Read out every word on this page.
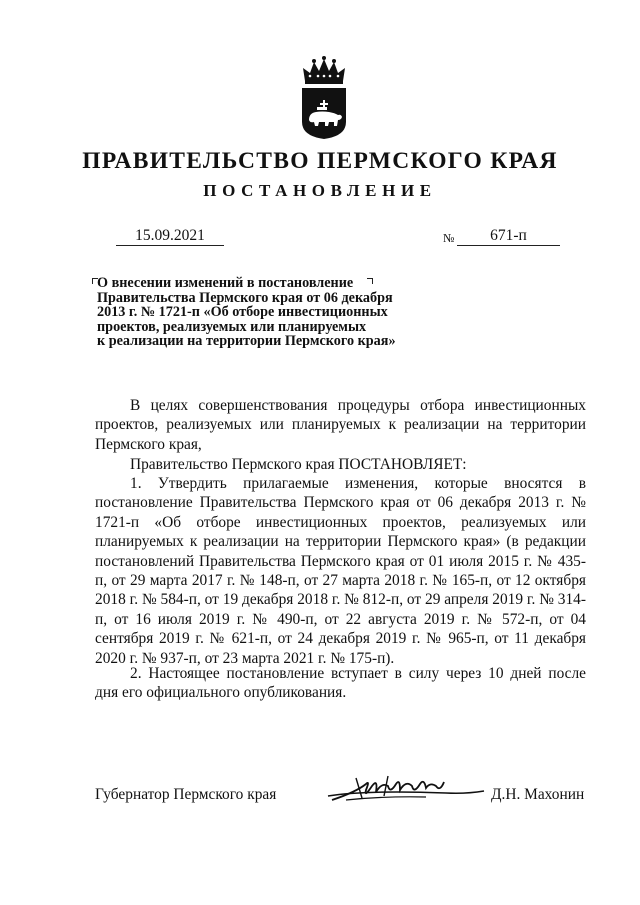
ПРАВИТЕЛЬСТВО ПЕРМСКОГО КРАЯ
ПОСТАНОВЛЕНИЕ
15.09.2021	№	671-п
О внесении изменений в постановление
Правительства Пермского края от 06 декабря
2013 г. № 1721-п «Об отборе инвестиционных
проектов, реализуемых или планируемых
к реализации на территории Пермского края»

В целях совершенствования процедуры отбора инвестиционных проектов, реализуемых или планируемых к реализации на территории Пермского края,

Правительство Пермского края ПОСТАНОВЛЯЕТ:

1. Утвердить прилагаемые изменения, которые вносятся в постановление Правительства Пермского края от 06 декабря 2013 г. № 1721-п «Об отборе инвестиционных проектов, реализуемых или планируемых к реализации на территории Пермского края» (в редакции постановлений Правительства Пермского края от 01 июля 2015 г. № 435-п, от 29 марта 2017 г. № 148-п, от 27 марта 2018 г. № 165-п, от 12 октября 2018 г. № 584-п, от 19 декабря 2018 г. № 812-п, от 29 апреля 2019 г. № 314-п, от 16 июля 2019 г. № 490-п, от 22 августа 2019 г. № 572-п, от 04 сентября 2019 г. № 621-п, от 24 декабря 2019 г. № 965-п, от 11 декабря 2020 г. № 937-п, от 23 марта 2021 г. № 175-п).

2. Настоящее постановление вступает в силу через 10 дней после дня его официального опубликования.

Губернатор Пермского края	Д.Н. Махонин
